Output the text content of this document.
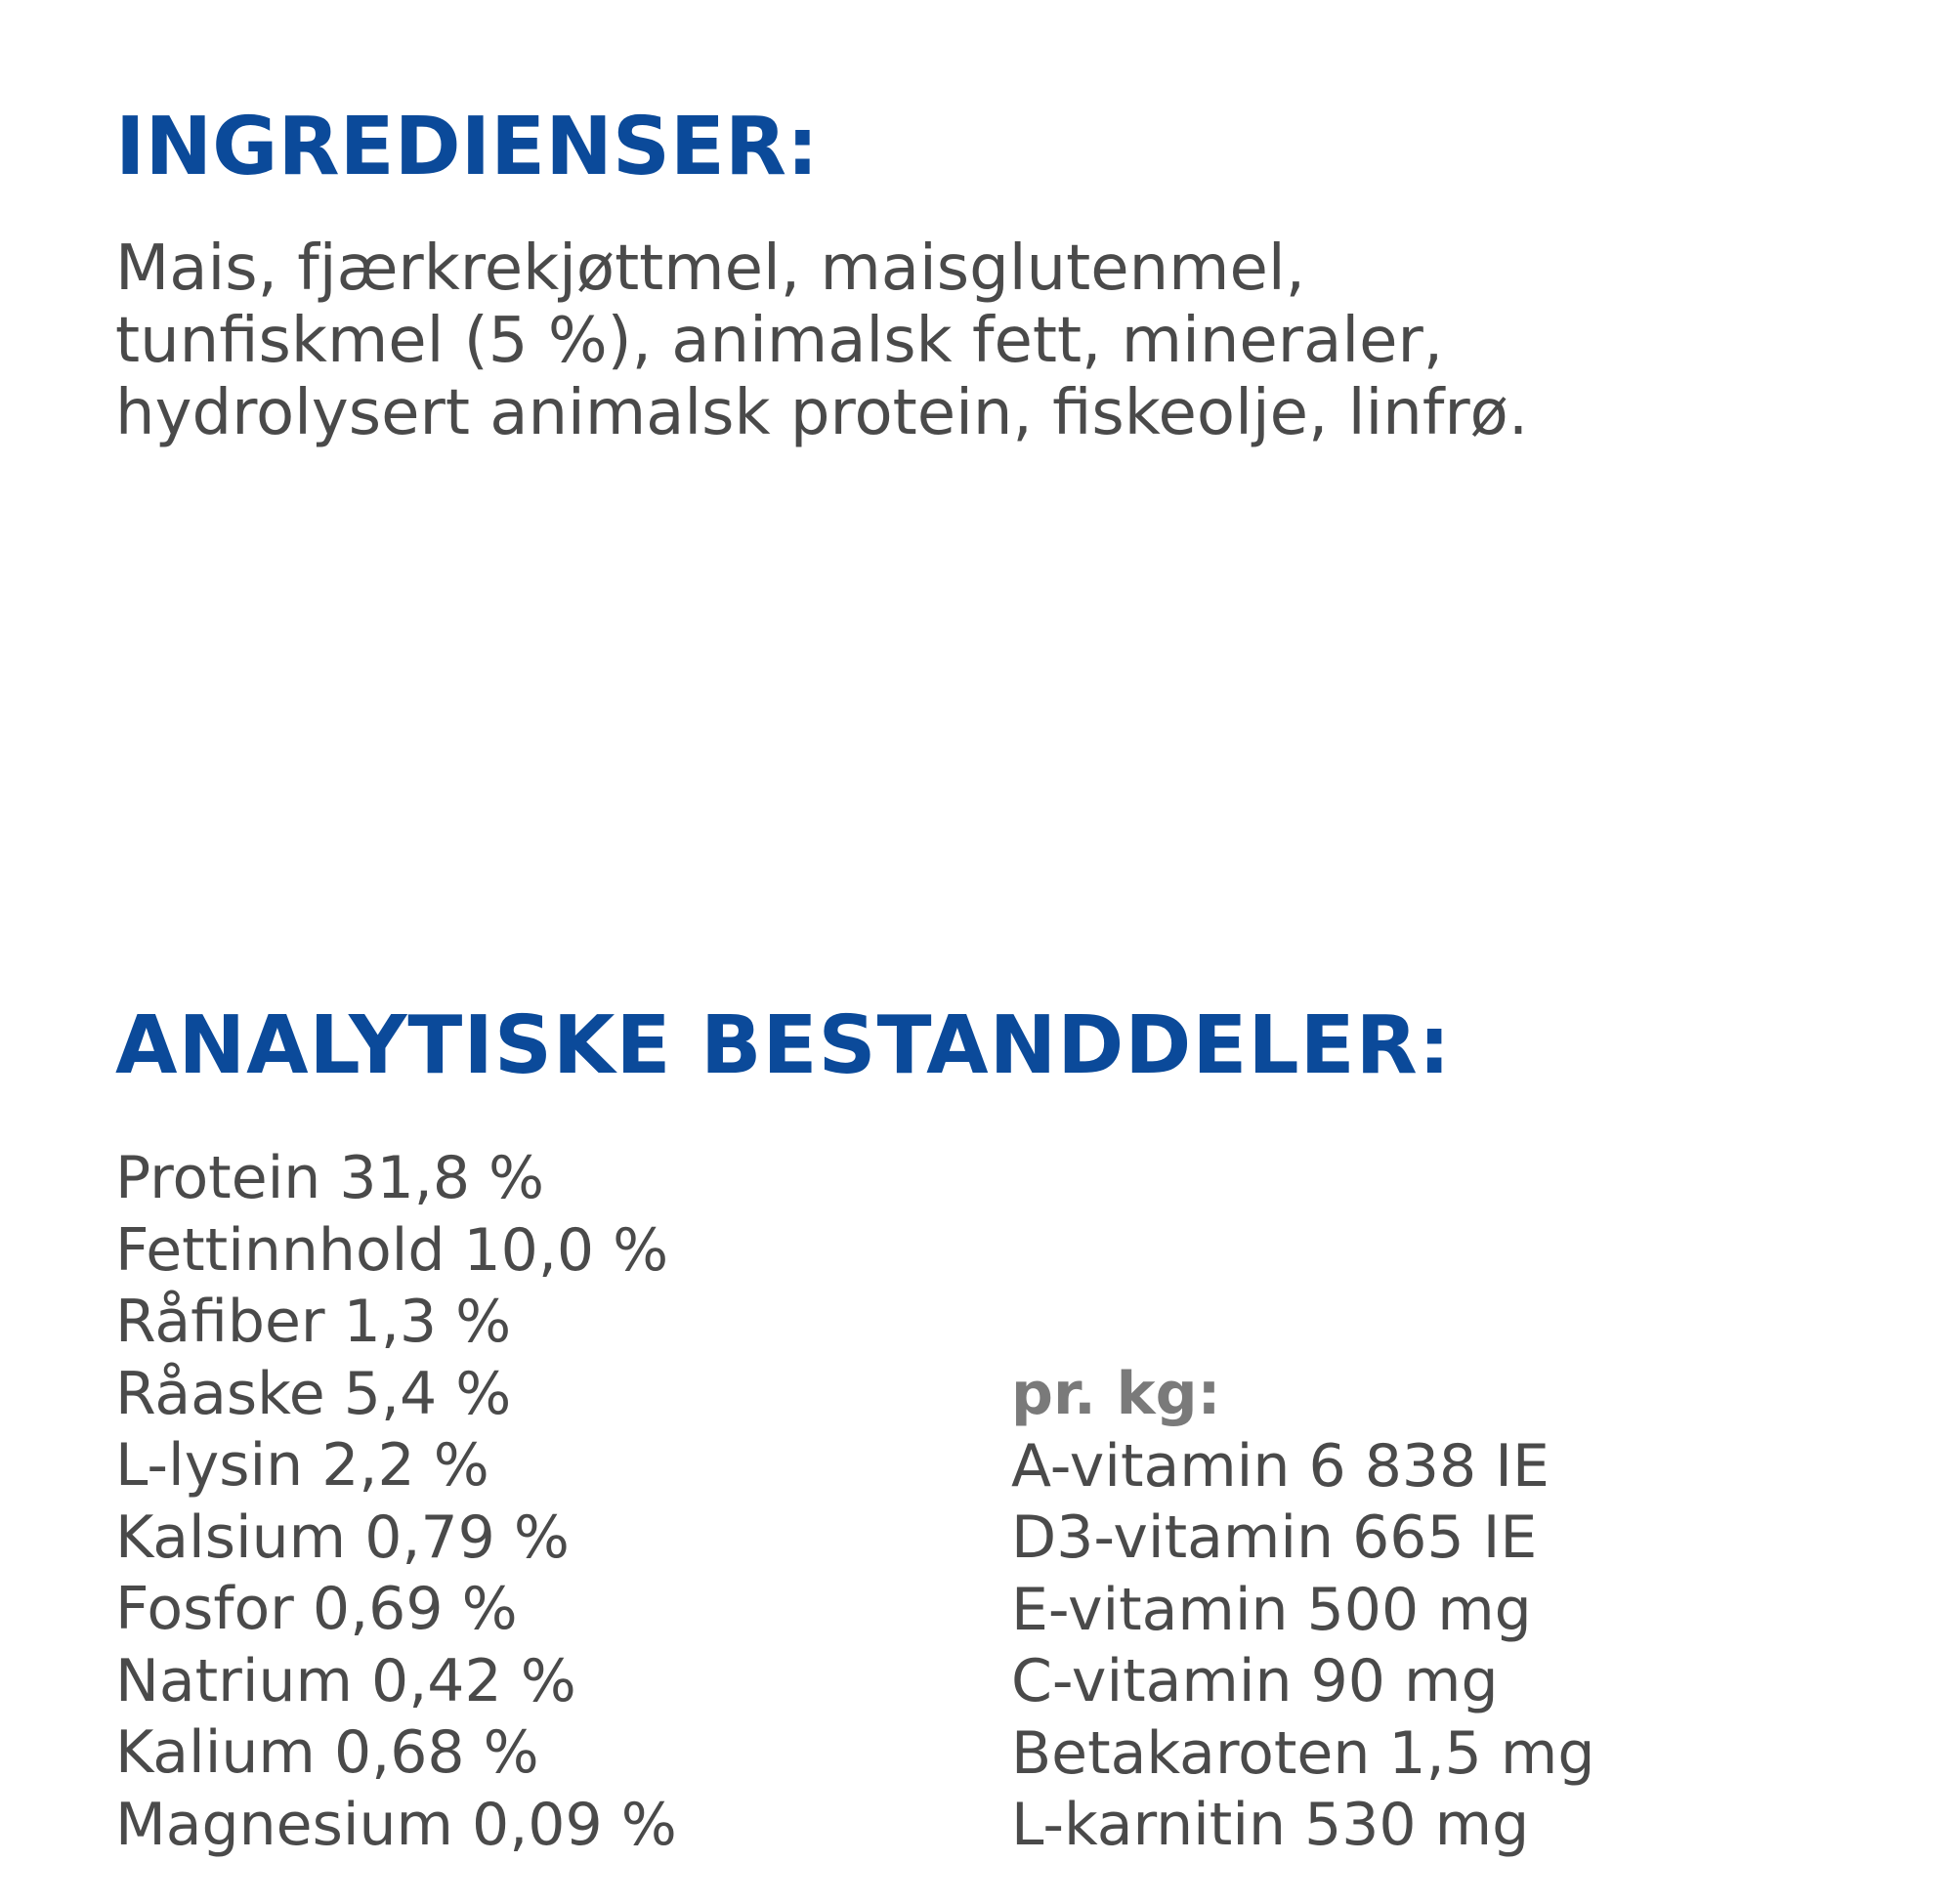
INGREDIENSER:

Mais, fjærkrekjøttmel, maisglutenmel,
tunfiskmel (5 %), animalsk fett, mineraler,
hydrolysert animalsk protein, fiskeolje, linfrø.

ANALYTISKE BESTANDDELER:
Protein 31,8 %
Fettinnhold 10,0 %
Råfiber 1,3 %
Råaske 5,4 %
L-lysin 2,2 %
Kalsium 0,79 %
Fosfor 0,69 %
Natrium 0,42 %
Kalium 0,68 %
Magnesium 0,09 %
pr. kg:
A-vitamin 6 838 IE
D3-vitamin 665 IE
E-vitamin 500 mg
C-vitamin 90 mg
Betakaroten 1,5 mg
L-karnitin 530 mg
